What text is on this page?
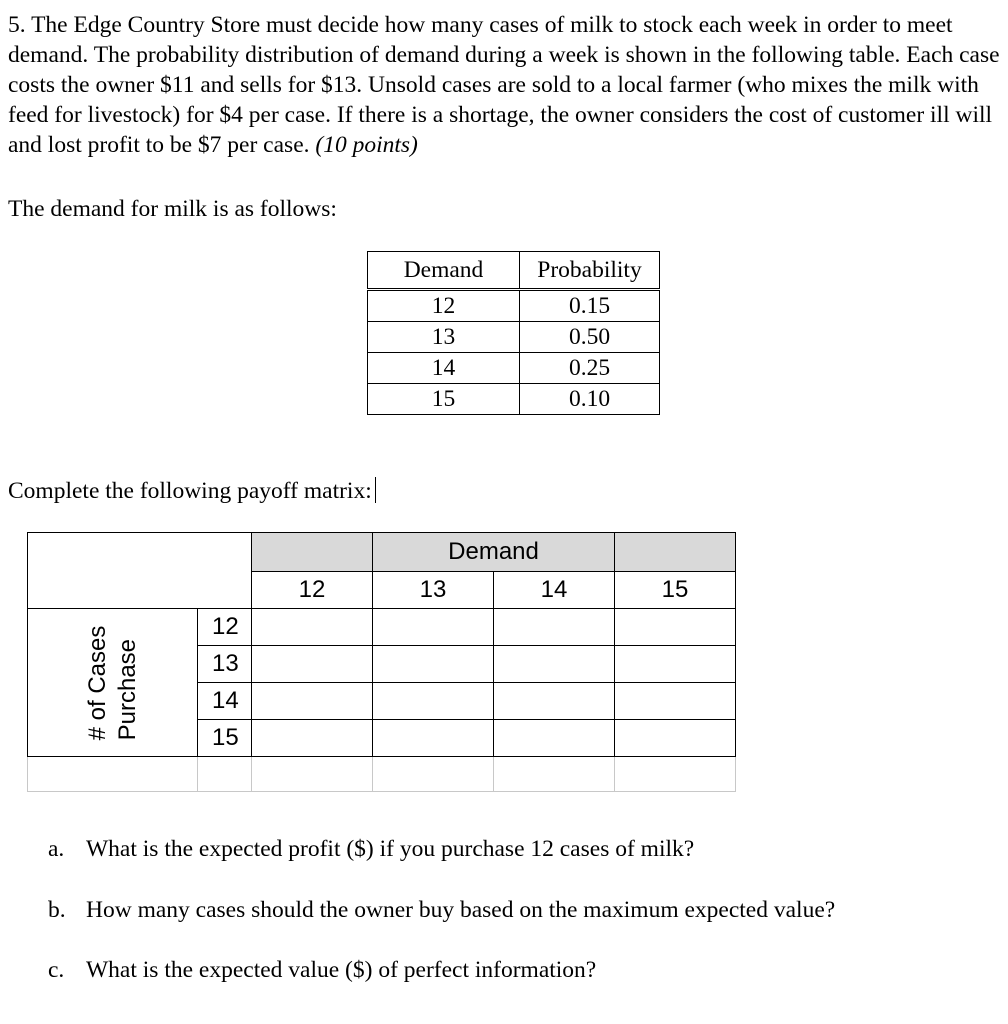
5. The Edge Country Store must decide how many cases of milk to stock each week in order to meet demand. The probability distribution of demand during a week is shown in the following table. Each case costs the owner $11 and sells for $13. Unsold cases are sold to a local farmer (who mixes the milk with feed for livestock) for $4 per case. If there is a shortage, the owner considers the cost of customer ill will and lost profit to be $7 per case. (10 points)

The demand for milk is as follows:

Demand	Probability
12	0.15
13	0.50
14	0.25
15	0.10

Complete the following payoff matrix:

			Demand		
		12	13	14	15

# of Cases Purchase	12				
	13				
	14				
	15				

a. What is the expected profit ($) if you purchase 12 cases of milk?
b. How many cases should the owner buy based on the maximum expected value?
c. What is the expected value ($) of perfect information?
